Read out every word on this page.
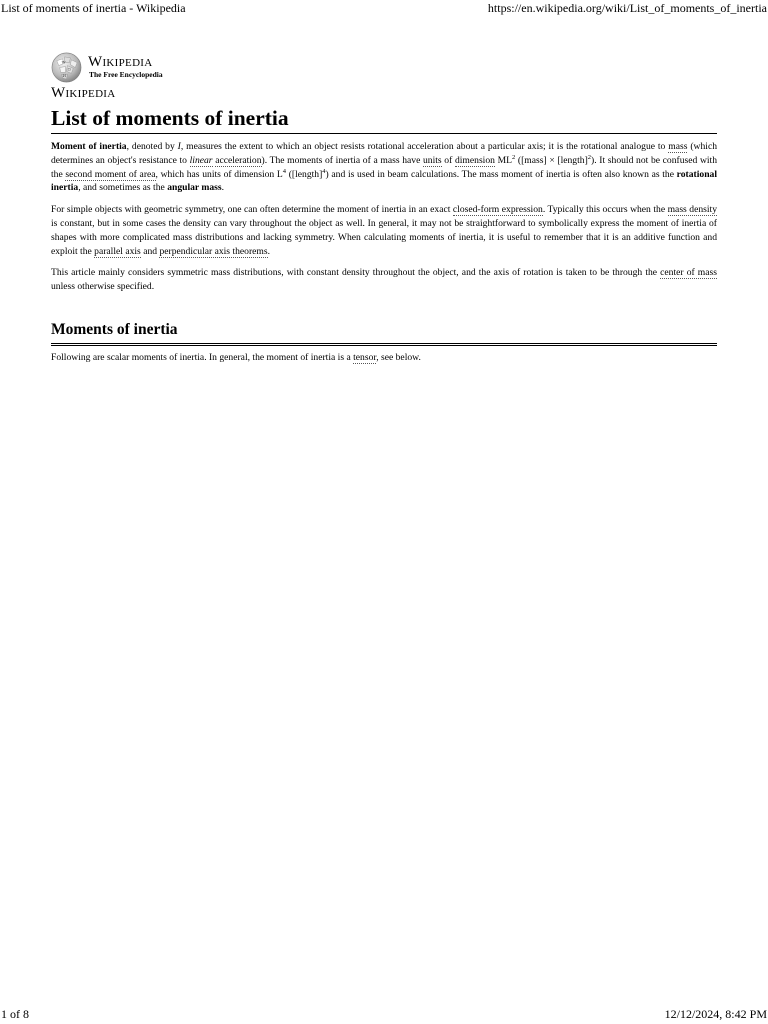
List of moments of inertia - Wikipedia	https://en.wikipedia.org/wiki/List_of_moments_of_inertia
W
Ω
И
Wikipedia
The Free Encyclopedia
Wikipedia
List of moments of inertia

Moment of inertia, denoted by I, measures the extent to which an object resists rotational acceleration about a particular axis; it is the rotational analogue to mass (which determines an object's resistance to linear acceleration). The moments of inertia of a mass have units of dimension $ML^2$ ([mass] × [length]$^2$). It should not be confused with the second moment of area, which has units of dimension $L^4$ ([length]$^4$) and is used in beam calculations. The mass moment of inertia is often also known as the rotational inertia, and sometimes as the angular mass.

For simple objects with geometric symmetry, one can often determine the moment of inertia in an exact closed-form expression. Typically this occurs when the mass density is constant, but in some cases the density can vary throughout the object as well. In general, it may not be straightforward to symbolically express the moment of inertia of shapes with more complicated mass distributions and lacking symmetry. When calculating moments of inertia, it is useful to remember that it is an additive function and exploit the parallel axis and perpendicular axis theorems.

This article mainly considers symmetric mass distributions, with constant density throughout the object, and the axis of rotation is taken to be through the center of mass unless otherwise specified.

Moments of inertia

Following are scalar moments of inertia. In general, the moment of inertia is a tensor, see below.

1 of 8	12/12/2024, 8:42 PM
